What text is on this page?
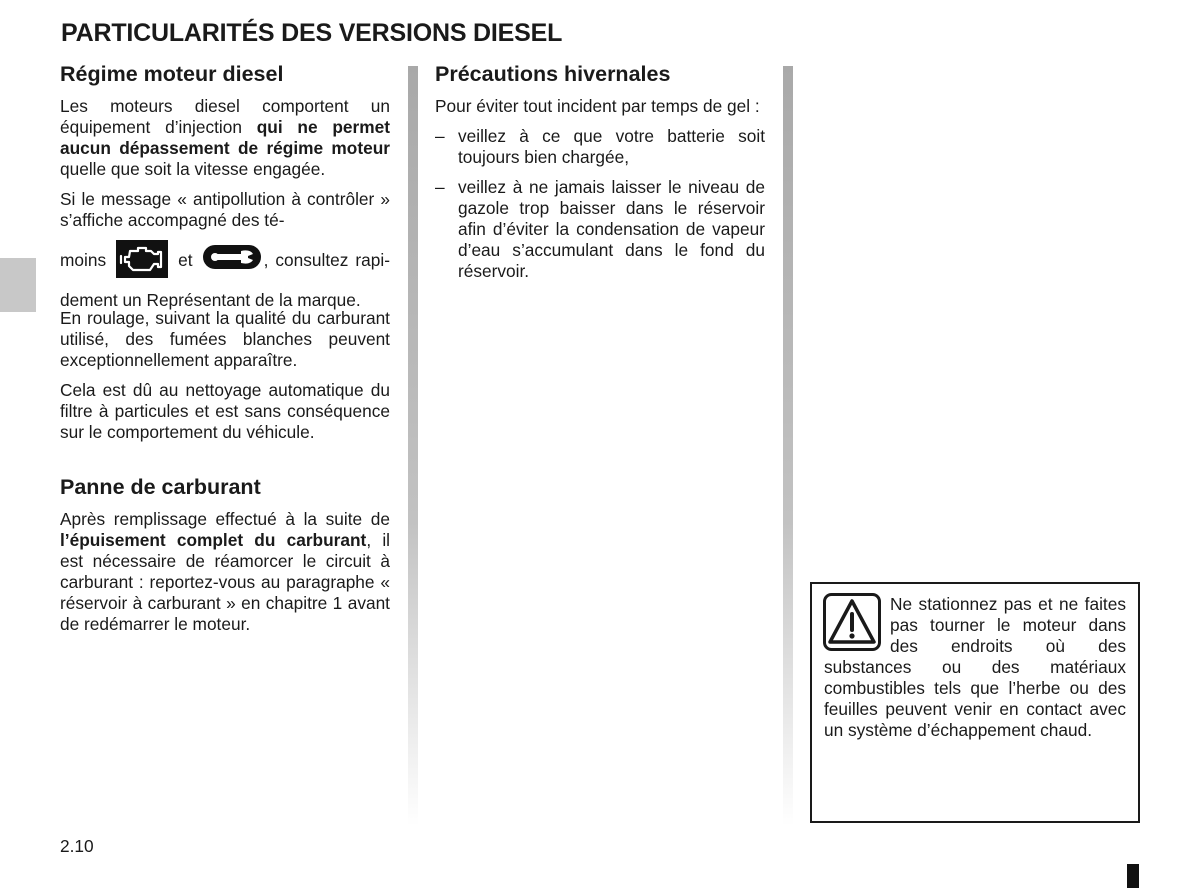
PARTICULARITÉS DES VERSIONS DIESEL
Régime moteur diesel

Les moteurs diesel comportent un équipement d’injection qui ne permet aucun dépassement de régime moteur quelle que soit la vitesse engagée.

Si le message « antipollution à contrôler » s’affiche accompagné des té-

moins	et	, consultez rapidement un Représentant de la marque.

En roulage, suivant la qualité du carburant utilisé, des fumées blanches peuvent exceptionnellement apparaître.

Cela est dû au nettoyage automatique du filtre à particules et est sans conséquence sur le comportement du véhicule.

Panne de carburant

Après remplissage effectué à la suite de l’épuisement complet du carburant, il est nécessaire de réamorcer le circuit à carburant : reportez-vous au paragraphe « réservoir à carburant » en chapitre 1 avant de redémarrer le moteur.

Précautions hivernales

Pour éviter tout incident par temps de gel :

– veillez à ce que votre batterie soit toujours bien chargée,
– veillez à ne jamais laisser le niveau de gazole trop baisser dans le réservoir afin d’éviter la condensation de vapeur d’eau s’accumulant dans le fond du réservoir.
Ne stationnez pas et ne faites pas tourner le moteur dans des endroits où des substances ou des matériaux combustibles tels que l’herbe ou des feuilles peuvent venir en contact avec un système d’échappement chaud.
2.10
